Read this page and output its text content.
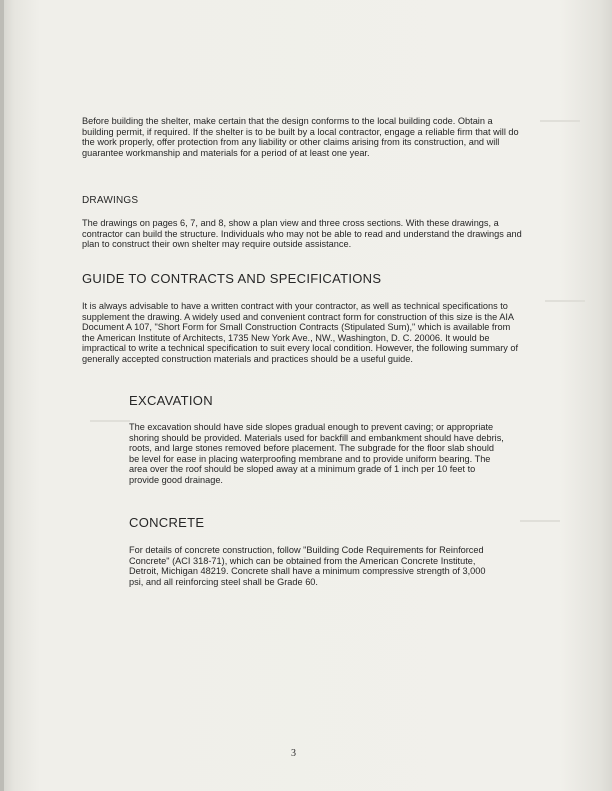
Before building the shelter, make certain that the design conforms to the local building code. Obtain a building permit, if required. If the shelter is to be built by a local contractor, engage a reliable firm that will do the work properly, offer protection from any liability or other claims arising from its construction, and will guarantee workmanship and materials for a period of at least one year.

DRAWINGS

The drawings on pages 6, 7, and 8, show a plan view and three cross sections. With these drawings, a contractor can build the structure. Individuals who may not be able to read and understand the drawings and plan to construct their own shelter may require outside assistance.

GUIDE TO CONTRACTS AND SPECIFICATIONS

It is always advisable to have a written contract with your contractor, as well as technical specifications to supplement the drawing. A widely used and convenient contract form for construction of this size is the AIA Document A 107, "Short Form for Small Construction Contracts (Stipulated Sum)," which is available from the American Institute of Architects, 1735 New York Ave., NW., Washington, D. C. 20006. It would be impractical to write a technical specification to suit every local condition. However, the following summary of generally accepted construction materials and practices should be a useful guide.

EXCAVATION

The excavation should have side slopes gradual enough to prevent caving; or appropriate shoring should be provided. Materials used for backfill and embankment should have debris, roots, and large stones removed before placement. The subgrade for the floor slab should be level for ease in placing waterproofing membrane and to provide uniform bearing. The area over the roof should be sloped away at a minimum grade of 1 inch per 10 feet to provide good drainage.

CONCRETE

For details of concrete construction, follow "Building Code Requirements for Reinforced Concrete" (ACI 318-71), which can be obtained from the American Concrete Institute, Detroit, Michigan 48219. Concrete shall have a minimum compressive strength of 3,000 psi, and all reinforcing steel shall be Grade 60.

3
